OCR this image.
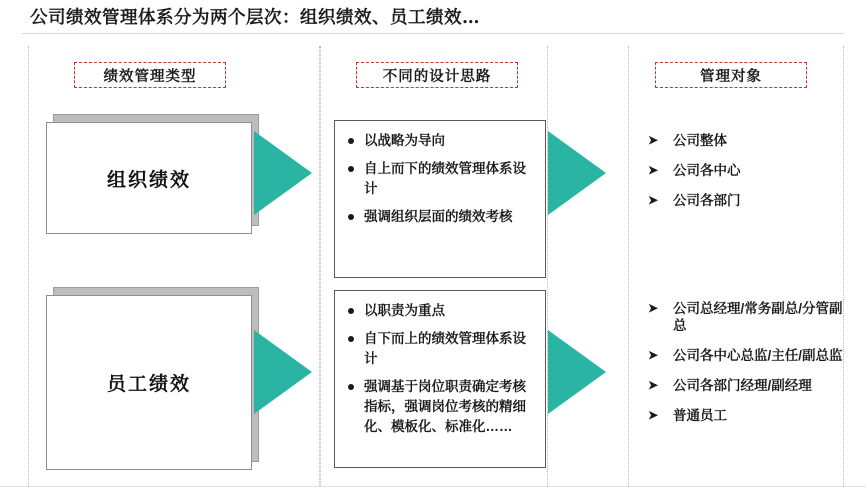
公司绩效管理体系分为两个层次：组织绩效、员工绩效…
绩效管理类型	不同的设计思路	管理对象
组织绩效
以战略为导向
自上而下的绩效管理体系设计
强调组织层面的绩效考核
➤ 公司整体
➤ 公司各中心
➤ 公司各部门
员工绩效
以职责为重点
自下而上的绩效管理体系设计
强调基于岗位职责确定考核指标，强调岗位考核的精细化、模板化、标准化……
➤ 公司总经理/常务副总/分管副总
➤ 公司各中心总监/主任/副总监
➤ 公司各部门经理/副经理
➤ 普通员工
